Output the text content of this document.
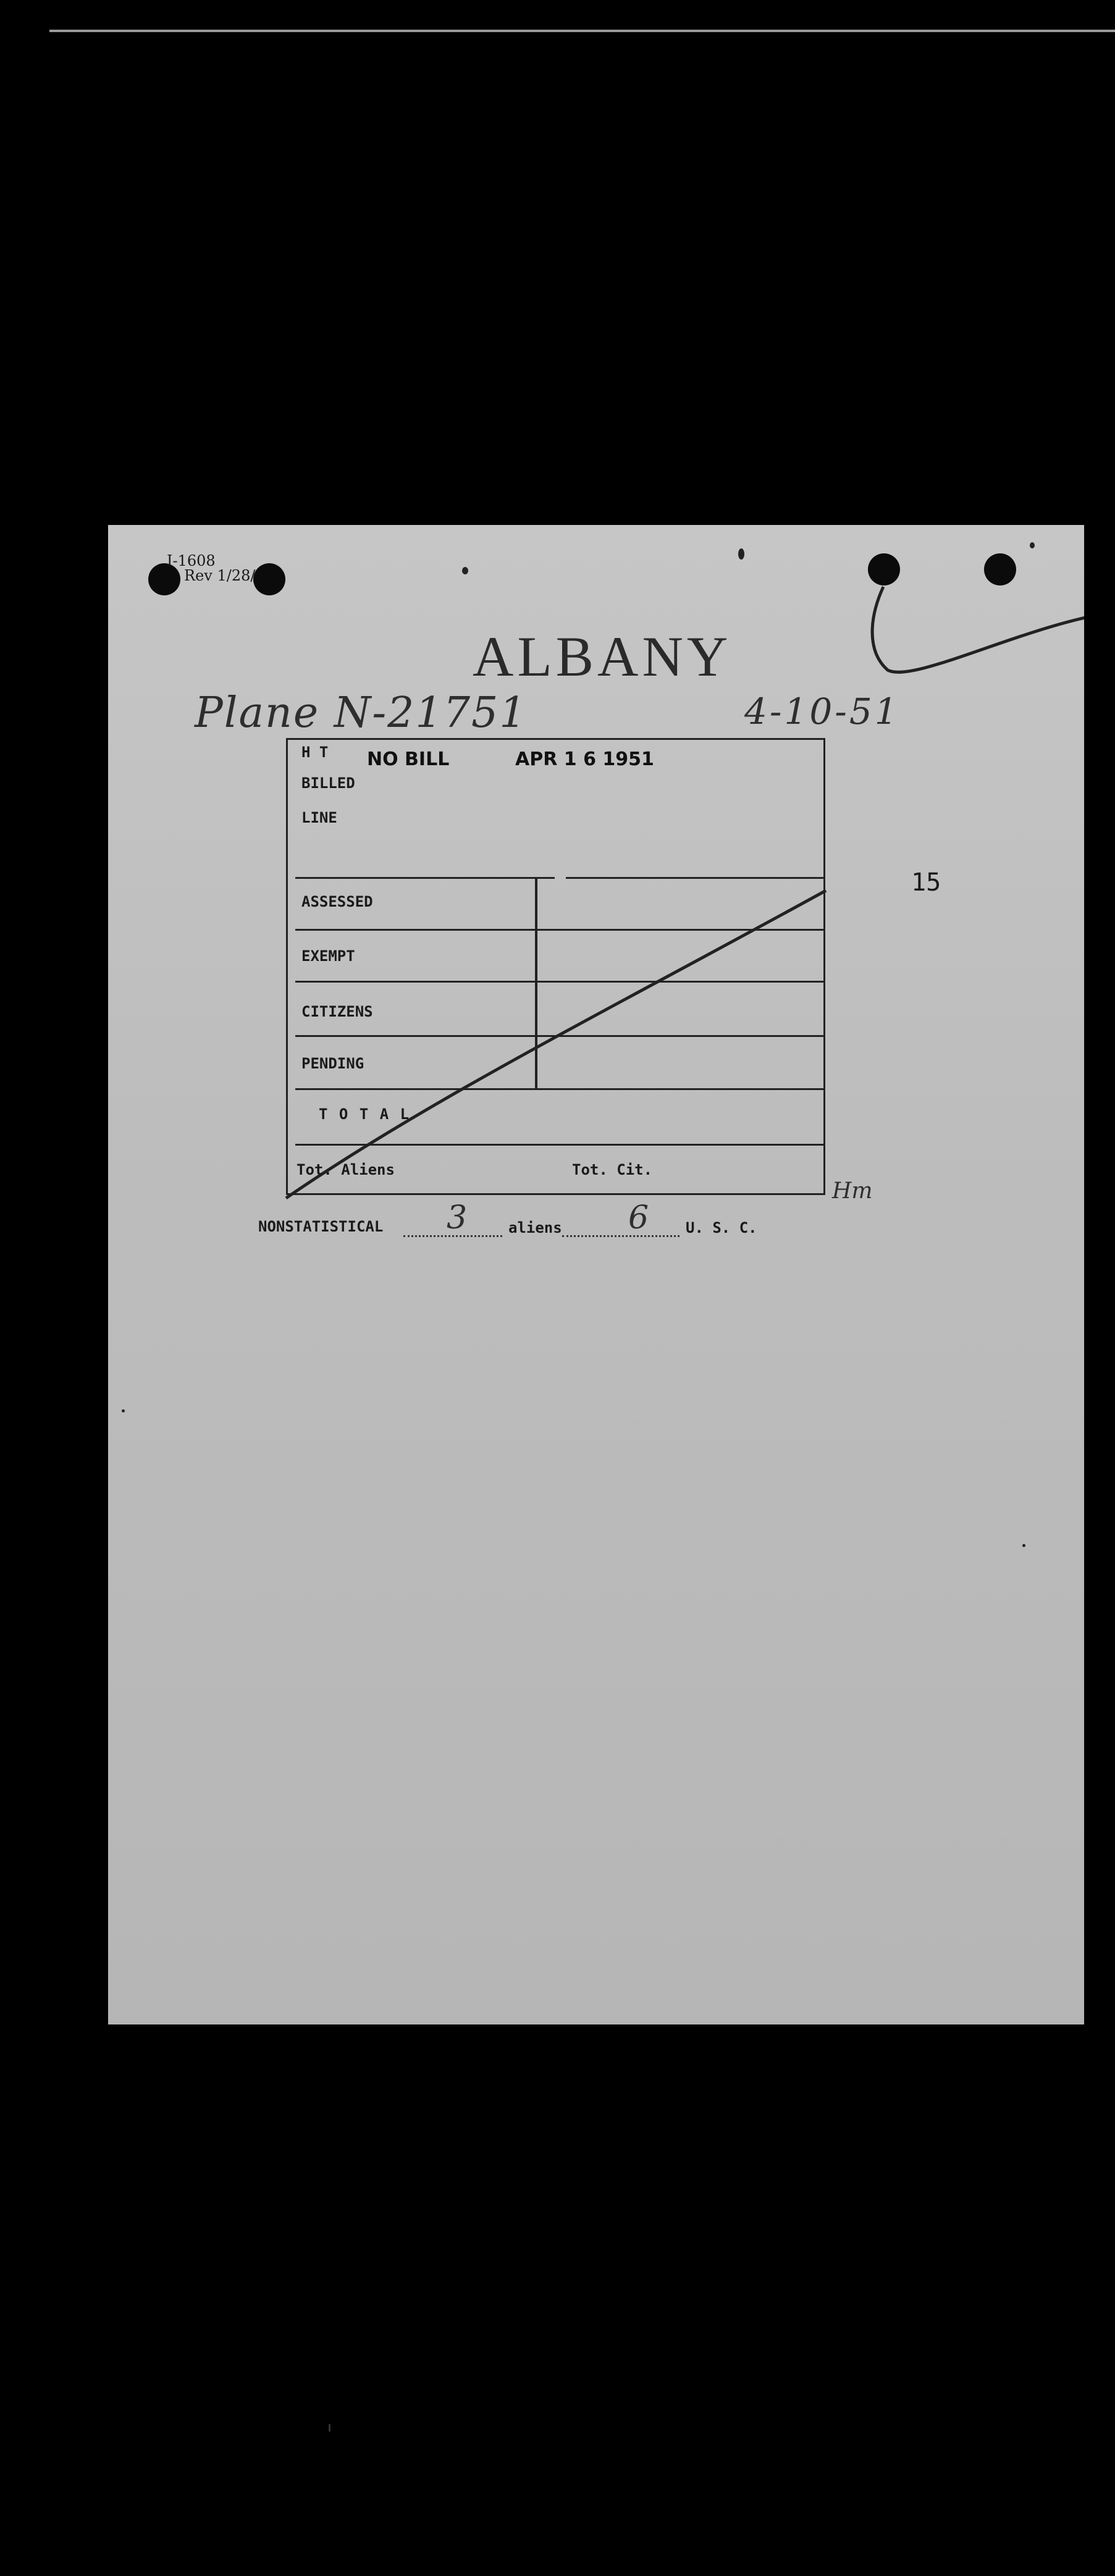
I-1608
Rev 1/28/
ALBANY
Plane N-21751	4-10-51
H T
BILLED
LINE
NO BILL	APR 1 6 1951
ASSESSED
EXEMPT
CITIZENS
PENDING
T O T A L
Tot. Aliens	Tot. Cit.
15
Hm
NONSTATISTICAL 3	aliens 6 U. S. C.
